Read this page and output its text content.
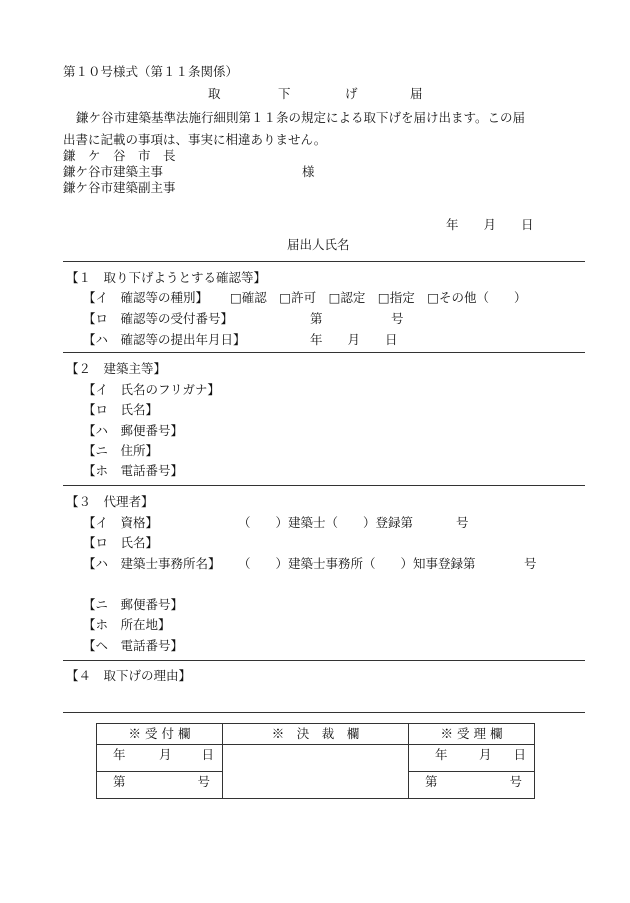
第１０号様式（第１１条関係）
取	下	げ	届
鎌ケ谷市建築基準法施行細則第１１条の規定による取下げを届け出ます。この届
出書に記載の事項は、事実に相違ありません。
鎌　ケ　谷　市　長
鎌ケ谷市建築主事	様
鎌ケ谷市建築副主事
年　　月　　日
届出人氏名
【１　取り下げようとする確認等】
【イ　確認等の種別】 □確認　□許可　□認定　□指定　□その他（　　）
【ロ　確認等の受付番号】	第	号
【ハ　確認等の提出年月日】	年　　月　　日
【２　建築主等】
【イ　氏名のフリガナ】
【ロ　氏名】
【ハ　郵便番号】
【ニ　住所】
【ホ　電話番号】
【３　代理者】
【イ　資格】	（　　）建築士（　　）登録第	号
【ロ　氏名】
【ハ　建築士事務所名】 （　　）建築士事務所（　　）知事登録第	号
【ニ　郵便番号】
【ホ　所在地】
【ヘ　電話番号】
【４　取下げの理由】
※ 受 付 欄	※　決　裁　欄	※ 受 理 欄

年 月 日		年 月 日

第 号		第 号
